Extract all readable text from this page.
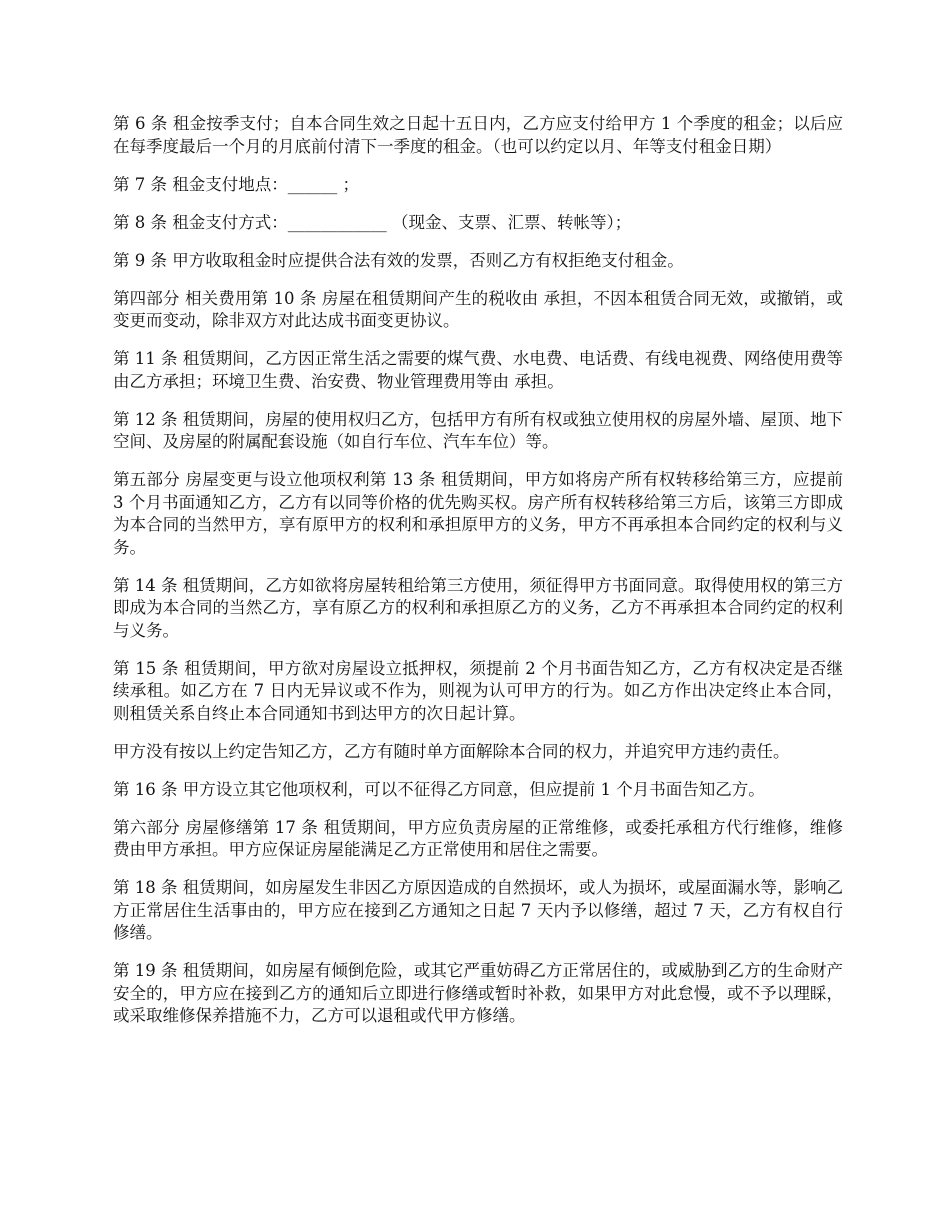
第 6 条 租金按季支付；自本合同生效之日起十五日内，乙方应支付给甲方 1 个季度的租金；以后应在每季度最后一个月的月底前付清下一季度的租金。（也可以约定以月、年等支付租金日期）

第 7 条 租金支付地点：______ ；

第 8 条 租金支付方式：____________ （现金、支票、汇票、转帐等）；

第 9 条 甲方收取租金时应提供合法有效的发票，否则乙方有权拒绝支付租金。

第四部分 相关费用第 10 条 房屋在租赁期间产生的税收由 承担，不因本租赁合同无效，或撤销，或变更而变动，除非双方对此达成书面变更协议。

第 11 条 租赁期间，乙方因正常生活之需要的煤气费、水电费、电话费、有线电视费、网络使用费等由乙方承担；环境卫生费、治安费、物业管理费用等由 承担。

第 12 条 租赁期间，房屋的使用权归乙方，包括甲方有所有权或独立使用权的房屋外墙、屋顶、地下空间、及房屋的附属配套设施（如自行车位、汽车车位）等。

第五部分 房屋变更与设立他项权利第 13 条 租赁期间，甲方如将房产所有权转移给第三方，应提前 3 个月书面通知乙方，乙方有以同等价格的优先购买权。房产所有权转移给第三方后，该第三方即成为本合同的当然甲方，享有原甲方的权利和承担原甲方的义务，甲方不再承担本合同约定的权利与义务。

第 14 条 租赁期间，乙方如欲将房屋转租给第三方使用，须征得甲方书面同意。取得使用权的第三方即成为本合同的当然乙方，享有原乙方的权利和承担原乙方的义务，乙方不再承担本合同约定的权利与义务。

第 15 条 租赁期间，甲方欲对房屋设立抵押权，须提前 2 个月书面告知乙方，乙方有权决定是否继续承租。如乙方在 7 日内无异议或不作为，则视为认可甲方的行为。如乙方作出决定终止本合同，则租赁关系自终止本合同通知书到达甲方的次日起计算。

甲方没有按以上约定告知乙方，乙方有随时单方面解除本合同的权力，并追究甲方违约责任。

第 16 条 甲方设立其它他项权利，可以不征得乙方同意，但应提前 1 个月书面告知乙方。

第六部分 房屋修缮第 17 条 租赁期间，甲方应负责房屋的正常维修，或委托承租方代行维修，维修费由甲方承担。甲方应保证房屋能满足乙方正常使用和居住之需要。

第 18 条 租赁期间，如房屋发生非因乙方原因造成的自然损坏，或人为损坏，或屋面漏水等，影响乙方正常居住生活事由的，甲方应在接到乙方通知之日起 7 天内予以修缮，超过 7 天，乙方有权自行修缮。

第 19 条 租赁期间，如房屋有倾倒危险，或其它严重妨碍乙方正常居住的，或威胁到乙方的生命财产安全的，甲方应在接到乙方的通知后立即进行修缮或暂时补救，如果甲方对此怠慢，或不予以理睬，或采取维修保养措施不力，乙方可以退租或代甲方修缮。
